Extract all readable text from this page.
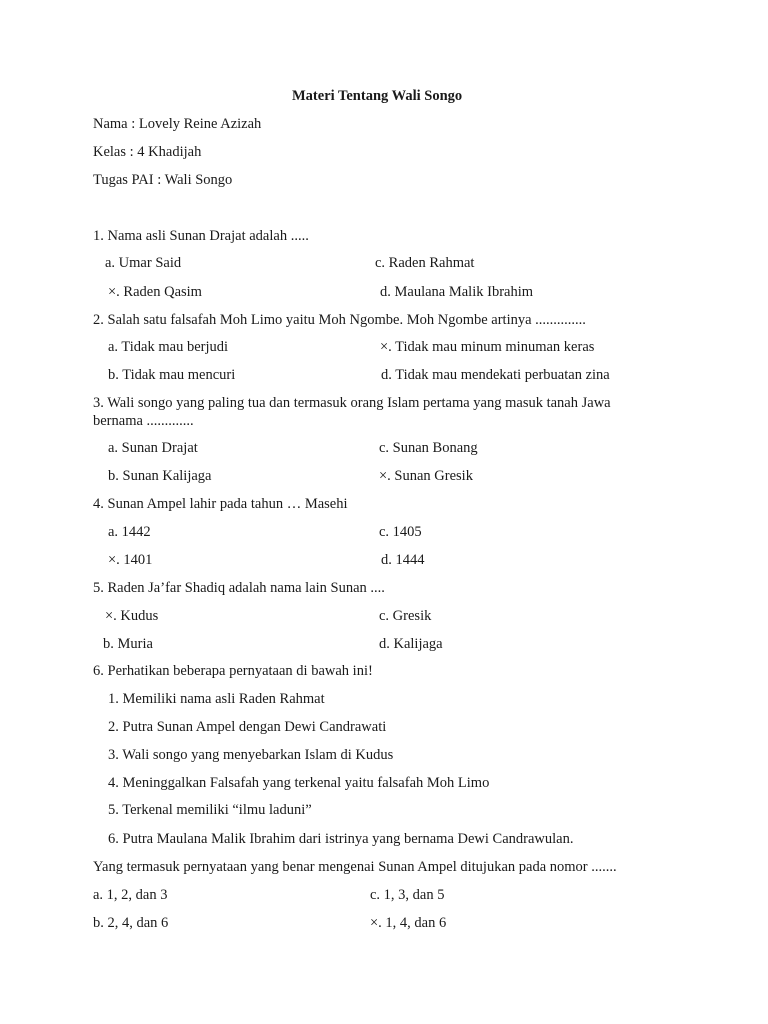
Materi Tentang Wali Songo
Nama : Lovely Reine Azizah
Kelas : 4 Khadijah
Tugas PAI : Wali Songo
1. Nama asli Sunan Drajat adalah .....
a. Umar Said	c. Raden Rahmat
×. Raden Qasim	d. Maulana Malik Ibrahim
2. Salah satu falsafah Moh Limo yaitu Moh Ngombe. Moh Ngombe artinya ..............
a. Tidak mau berjudi	×. Tidak mau minum minuman keras
b. Tidak mau mencuri	d. Tidak mau mendekati perbuatan zina
3. Wali songo yang paling tua dan termasuk orang Islam pertama yang masuk tanah Jawa
bernama .............
a. Sunan Drajat	c. Sunan Bonang
b. Sunan Kalijaga	×. Sunan Gresik
4. Sunan Ampel lahir pada tahun … Masehi
a. 1442	c. 1405
×. 1401	d. 1444
5. Raden Ja’far Shadiq adalah nama lain Sunan ....
×. Kudus	c. Gresik
b. Muria	d. Kalijaga
6. Perhatikan beberapa pernyataan di bawah ini!
1. Memiliki nama asli Raden Rahmat
2. Putra Sunan Ampel dengan Dewi Candrawati
3. Wali songo yang menyebarkan Islam di Kudus
4. Meninggalkan Falsafah yang terkenal yaitu falsafah Moh Limo
5. Terkenal memiliki “ilmu laduni”
6. Putra Maulana Malik Ibrahim dari istrinya yang bernama Dewi Candrawulan.
Yang termasuk pernyataan yang benar mengenai Sunan Ampel ditujukan pada nomor .......
a. 1, 2, dan 3	c. 1, 3, dan 5
b. 2, 4, dan 6	×. 1, 4, dan 6
